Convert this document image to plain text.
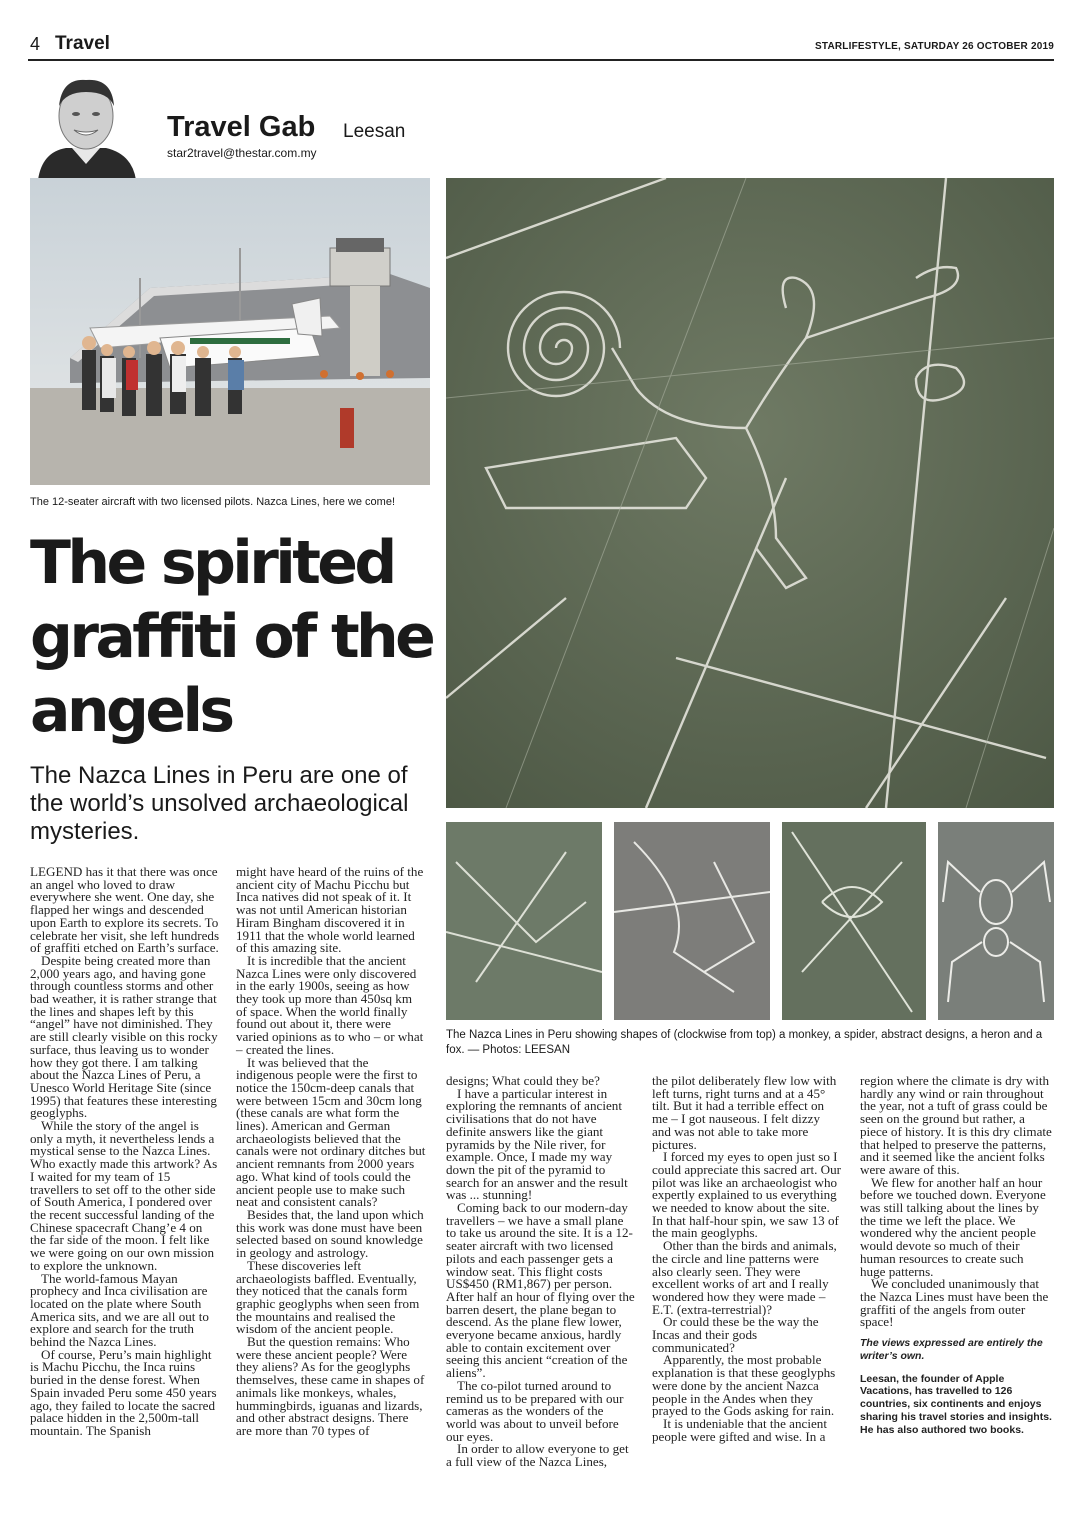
4 Travel	STARLIFESTYLE, SATURDAY 26 OCTOBER 2019
Travel Gab Leesan
star2travel@thestar.com.my
The 12-seater aircraft with two licensed pilots. Nazca Lines, here we come!
The Nazca Lines in Peru showing shapes of (clockwise from top) a monkey, a spider, abstract designs, a heron and a fox. — Photos: LEESAN
The spirited graffiti of the angels
The Nazca Lines in Peru are one of the world’s unsolved archaeological mysteries.

LEGEND has it that there was once an angel who loved to draw everywhere she went. One day, she flapped her wings and descended upon Earth to explore its secrets. To celebrate her visit, she left hundreds of graffiti etched on Earth’s surface.

Despite being created more than 2,000 years ago, and having gone through countless storms and other bad weather, it is rather strange that the lines and shapes left by this “angel” have not diminished. They are still clearly visible on this rocky surface, thus leaving us to wonder how they got there. I am talking about the Nazca Lines of Peru, a Unesco World Heritage Site (since 1995) that features these interesting geoglyphs.

While the story of the angel is only a myth, it nevertheless lends a mystical sense to the Nazca Lines. Who exactly made this artwork? As I waited for my team of 15 travellers to set off to the other side of South America, I pondered over the recent successful landing of the Chinese spacecraft Chang’e 4 on the far side of the moon. I felt like we were going on our own mission to explore the unknown.

The world-famous Mayan prophecy and Inca civilisation are located on the plate where South America sits, and we are all out to explore and search for the truth behind the Nazca Lines.

Of course, Peru’s main highlight is Machu Picchu, the Inca ruins buried in the dense forest. When Spain invaded Peru some 450 years ago, they failed to locate the sacred palace hidden in the 2,500m-tall mountain. The Spanish

might have heard of the ruins of the ancient city of Machu Picchu but Inca natives did not speak of it. It was not until American historian Hiram Bingham discovered it in 1911 that the whole world learned of this amazing site.

It is incredible that the ancient Nazca Lines were only discovered in the early 1900s, seeing as how they took up more than 450sq km of space. When the world finally found out about it, there were varied opinions as to who – or what – created the lines.

It was believed that the indigenous people were the first to notice the 150cm-deep canals that were between 15cm and 30cm long (these canals are what form the lines). American and German archaeologists believed that the canals were not ordinary ditches but ancient remnants from 2000 years ago. What kind of tools could the ancient people use to make such neat and consistent canals?

Besides that, the land upon which this work was done must have been selected based on sound knowledge in geology and astrology.

These discoveries left archaeologists baffled. Eventually, they noticed that the canals form graphic geoglyphs when seen from the mountains and realised the wisdom of the ancient people.

But the question remains: Who were these ancient people? Were they aliens? As for the geoglyphs themselves, these came in shapes of animals like monkeys, whales, hummingbirds, iguanas and lizards, and other abstract designs. There are more than 70 types of

designs; What could they be?

I have a particular interest in exploring the remnants of ancient civilisations that do not have definite answers like the giant pyramids by the Nile river, for example. Once, I made my way down the pit of the pyramid to search for an answer and the result was ... stunning!

Coming back to our modern-day travellers – we have a small plane to take us around the site. It is a 12-seater aircraft with two licensed pilots and each passenger gets a window seat. This flight costs US$450 (RM1,867) per person. After half an hour of flying over the barren desert, the plane began to descend. As the plane flew lower, everyone became anxious, hardly able to contain excitement over seeing this ancient “creation of the aliens”.

The co-pilot turned around to remind us to be prepared with our cameras as the wonders of the world was about to unveil before our eyes.

In order to allow everyone to get a full view of the Nazca Lines,

the pilot deliberately flew low with left turns, right turns and at a 45° tilt. But it had a terrible effect on me – I got nauseous. I felt dizzy and was not able to take more pictures.

I forced my eyes to open just so I could appreciate this sacred art. Our pilot was like an archaeologist who expertly explained to us everything we needed to know about the site. In that half-hour spin, we saw 13 of the main geoglyphs.

Other than the birds and animals, the circle and line patterns were also clearly seen. They were excellent works of art and I really wondered how they were made – E.T. (extra-terrestrial)?

Or could these be the way the Incas and their gods communicated?

Apparently, the most probable explanation is that these geoglyphs were done by the ancient Nazca people in the Andes when they prayed to the Gods asking for rain.

It is undeniable that the ancient people were gifted and wise. In a

region where the climate is dry with hardly any wind or rain throughout the year, not a tuft of grass could be seen on the ground but rather, a piece of history. It is this dry climate that helped to preserve the patterns, and it seemed like the ancient folks were aware of this.

We flew for another half an hour before we touched down. Everyone was still talking about the lines by the time we left the place. We wondered why the ancient people would devote so much of their human resources to create such huge patterns.

We concluded unanimously that the Nazca Lines must have been the graffiti of the angels from outer space!

The views expressed are entirely the writer’s own.

Leesan, the founder of Apple Vacations, has travelled to 126 countries, six continents and enjoys sharing his travel stories and insights. He has also authored two books.
